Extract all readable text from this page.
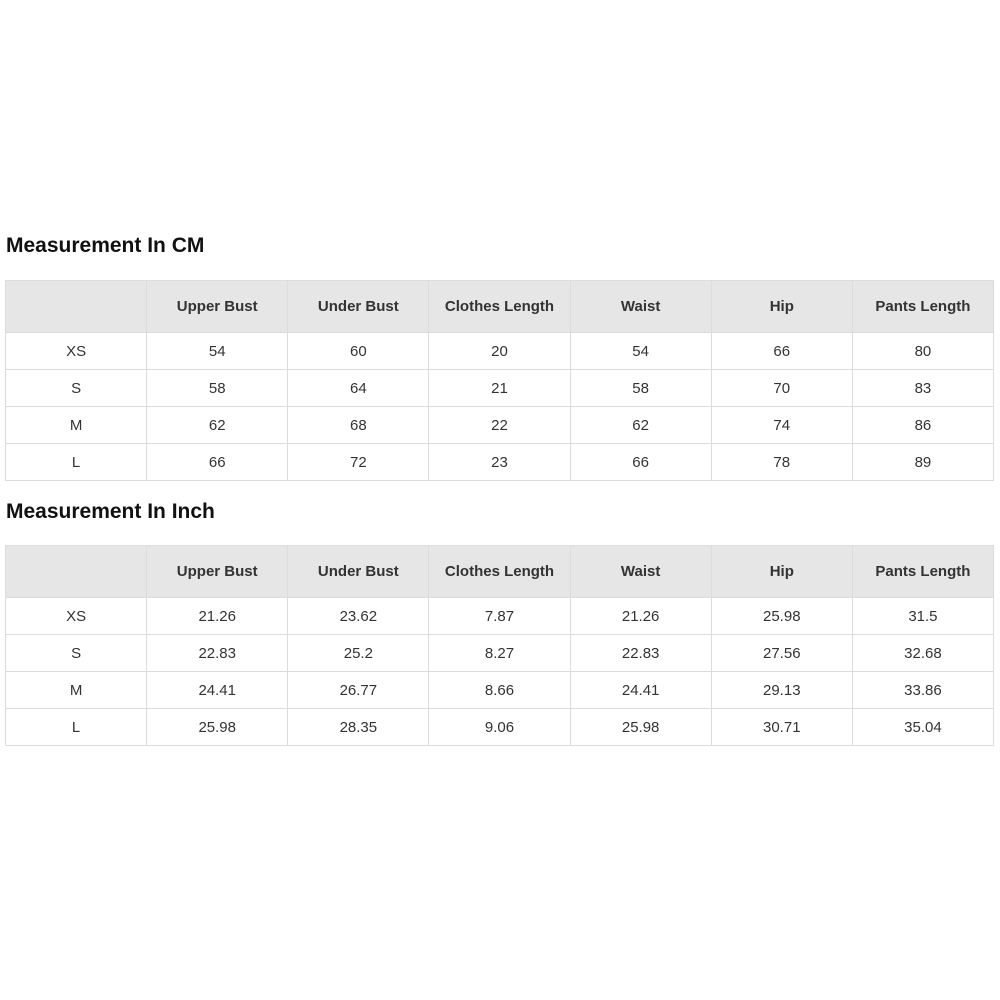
Measurement In CM
	Upper Bust	Under Bust	Clothes Length	Waist	Hip	Pants Length
XS	54	60	20	54	66	80
S	58	64	21	58	70	83
M	62	68	22	62	74	86
L	66	72	23	66	78	89
Measurement In Inch
	Upper Bust	Under Bust	Clothes Length	Waist	Hip	Pants Length
XS	21.26	23.62	7.87	21.26	25.98	31.5
S	22.83	25.2	8.27	22.83	27.56	32.68
M	24.41	26.77	8.66	24.41	29.13	33.86
L	25.98	28.35	9.06	25.98	30.71	35.04
